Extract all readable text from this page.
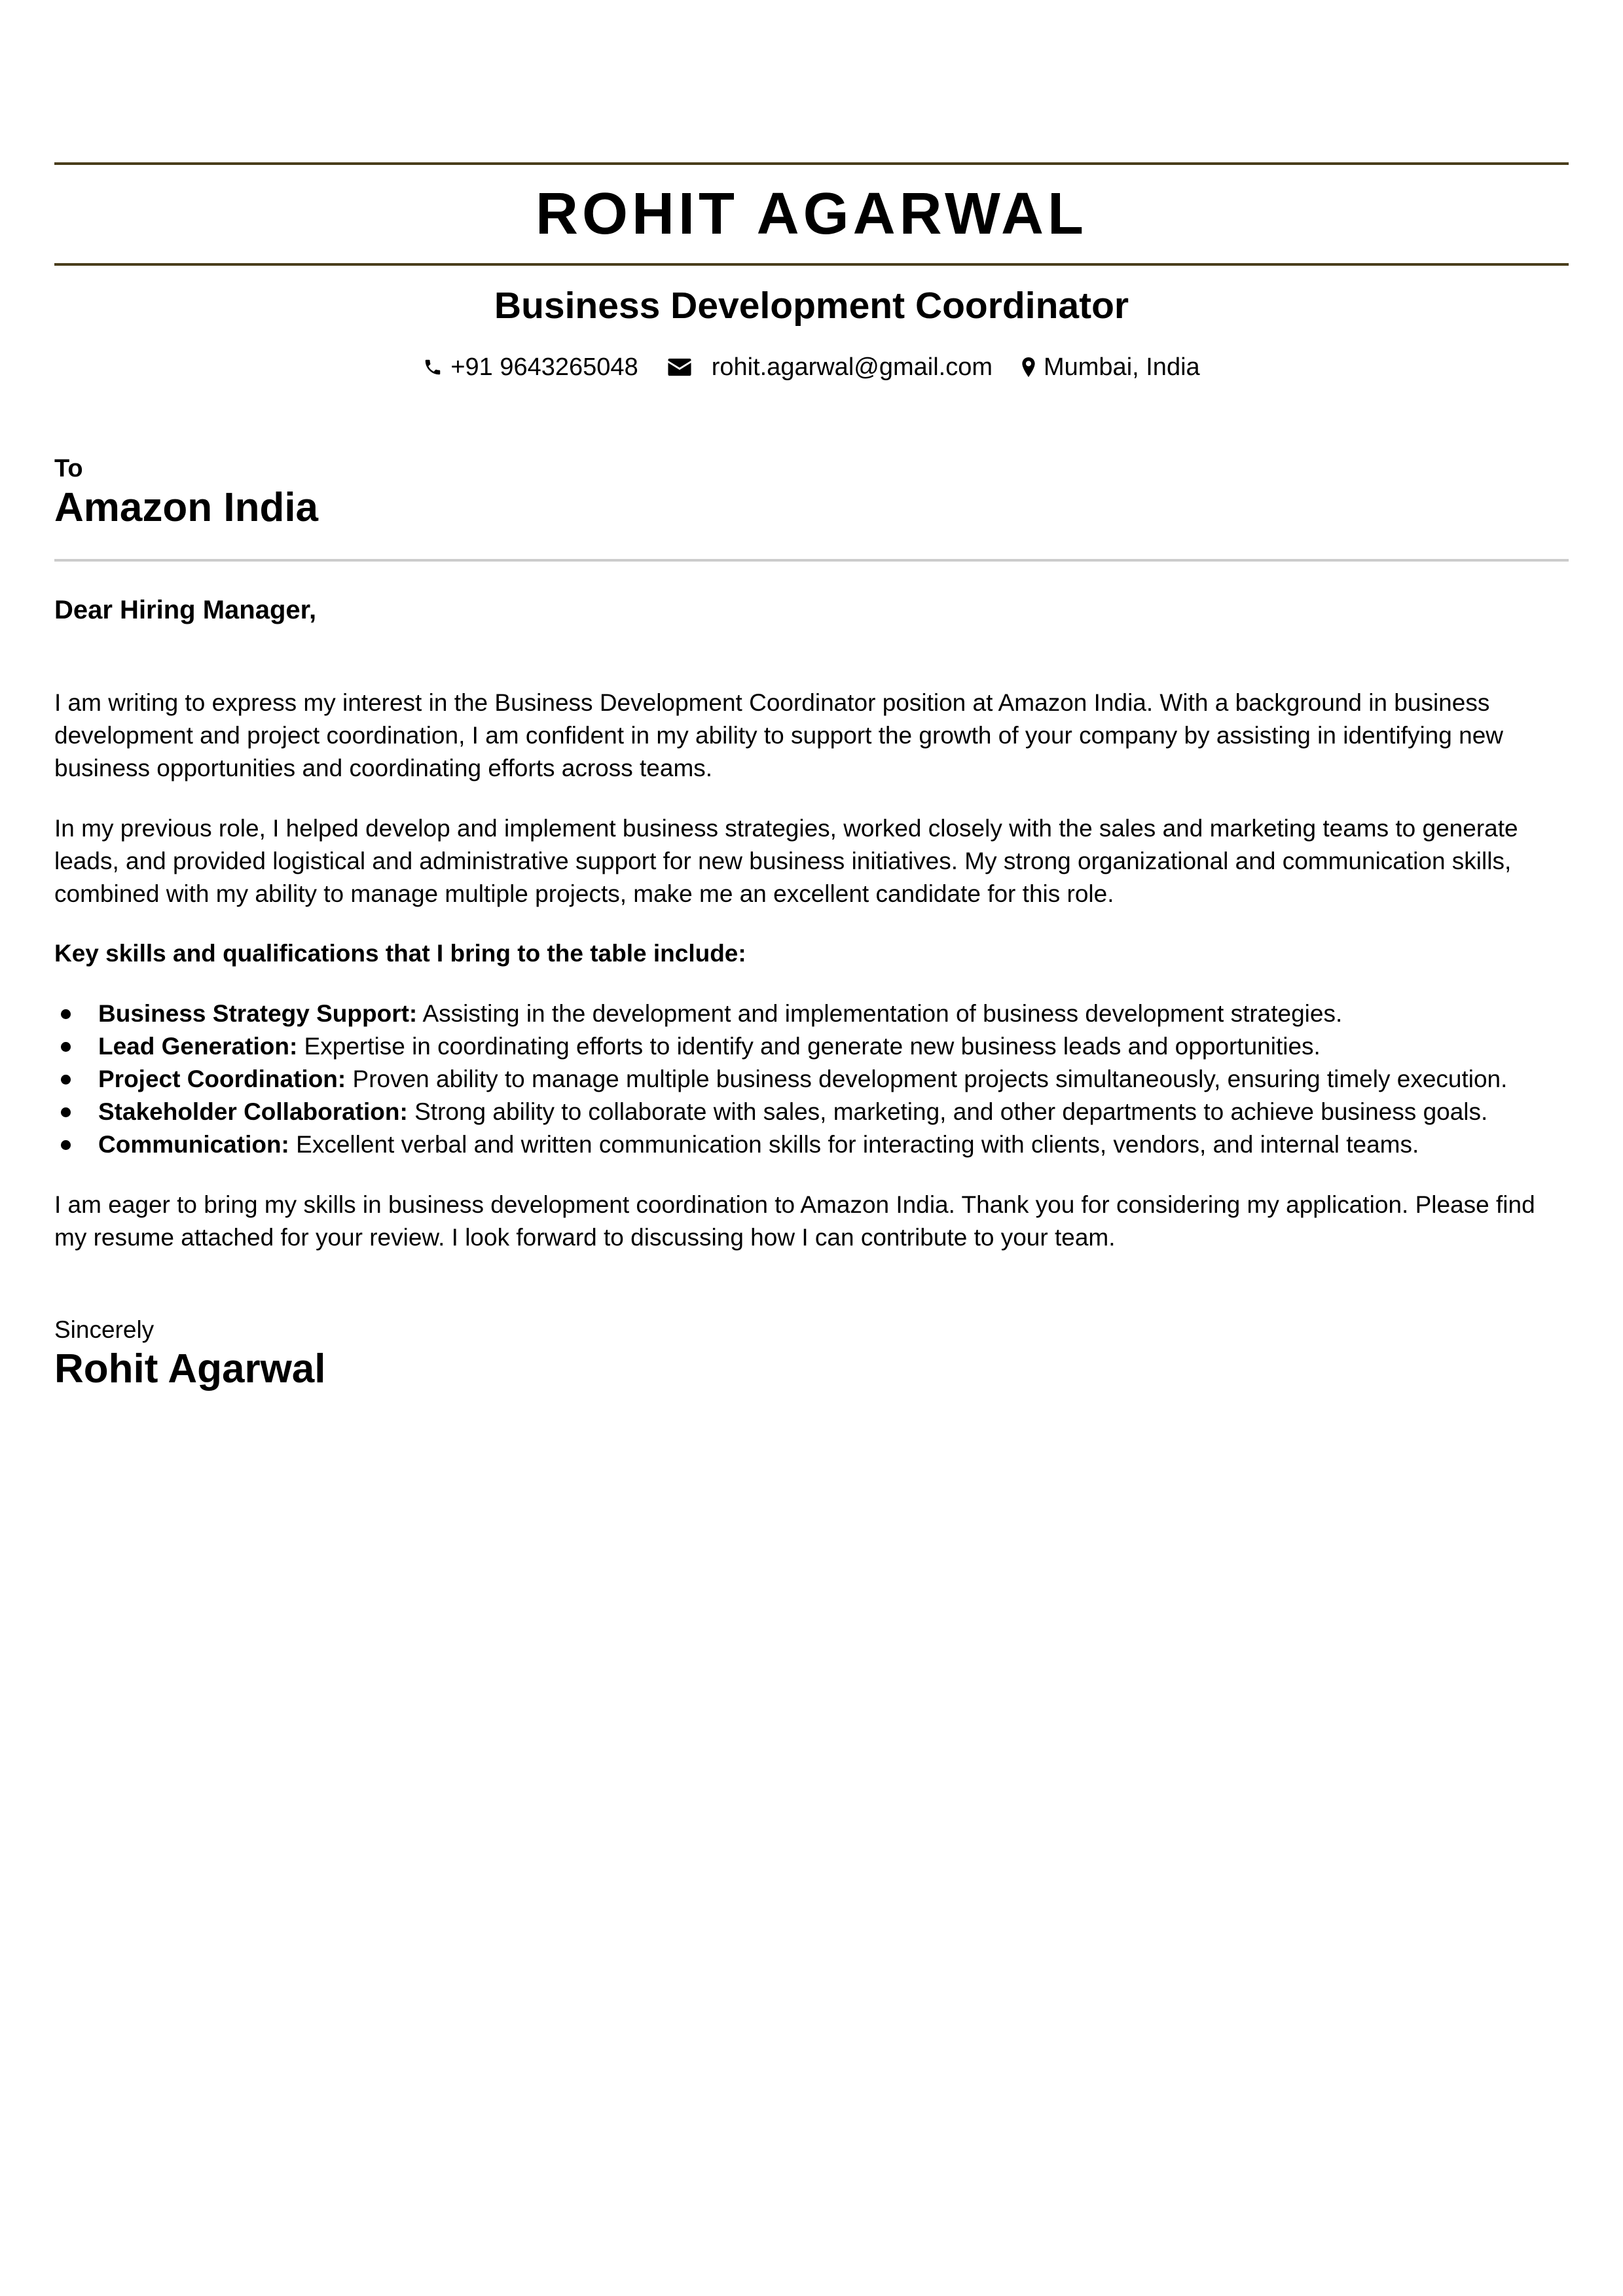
ROHIT AGARWAL
Business Development Coordinator
+91 9643265048	rohit.agarwal@gmail.com Mumbai, India
To
Amazon India
Dear Hiring Manager,

I am writing to express my interest in the Business Development Coordinator position at Amazon India. With a background in business development and project coordination, I am confident in my ability to support the growth of your company by assisting in identifying new business opportunities and coordinating efforts across teams.

In my previous role, I helped develop and implement business strategies, worked closely with the sales and marketing teams to generate leads, and provided logistical and administrative support for new business initiatives. My strong organizational and communication skills, combined with my ability to manage multiple projects, make me an excellent candidate for this role.

Key skills and qualifications that I bring to the table include:
Business Strategy Support: Assisting in the development and implementation of business development strategies.
Lead Generation: Expertise in coordinating efforts to identify and generate new business leads and opportunities.
Project Coordination: Proven ability to manage multiple business development projects simultaneously, ensuring timely execution.
Stakeholder Collaboration: Strong ability to collaborate with sales, marketing, and other departments to achieve business goals.
Communication: Excellent verbal and written communication skills for interacting with clients, vendors, and internal teams.

I am eager to bring my skills in business development coordination to Amazon India. Thank you for considering my application. Please find my resume attached for your review. I look forward to discussing how I can contribute to your team.

Sincerely
Rohit Agarwal
